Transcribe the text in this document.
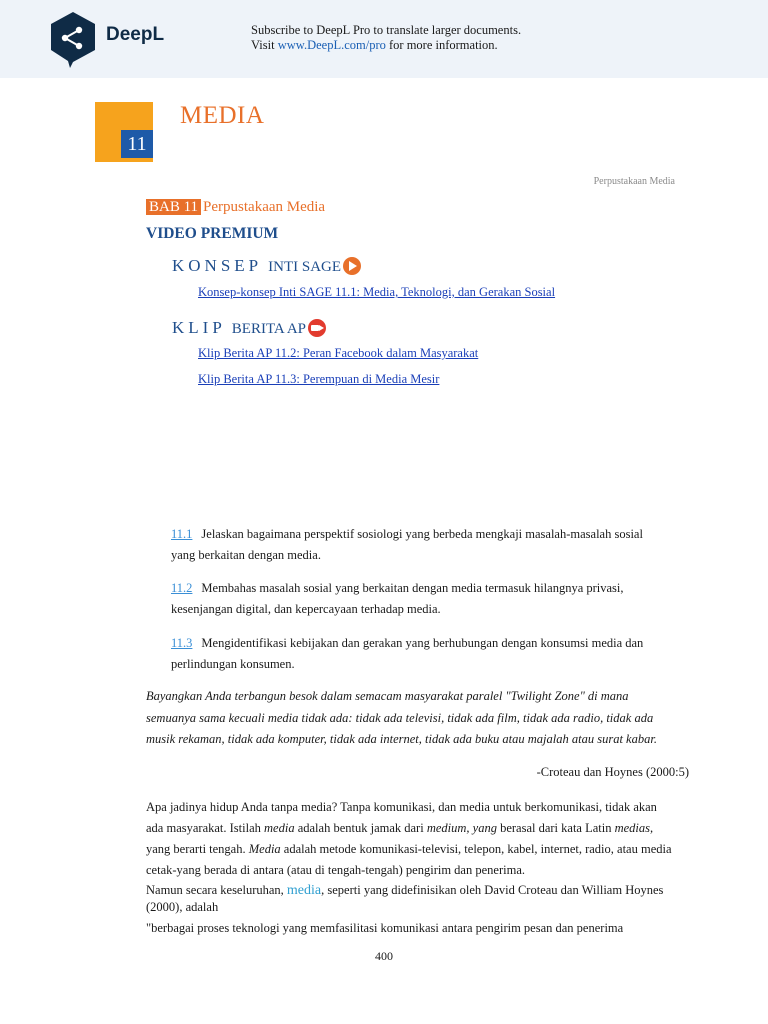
DeepL	Subscribe to DeepL Pro to translate larger documents.
Visit www.DeepL.com/pro for more information.
11
MEDIA
Perpustakaan Media
BAB 11 Perpustakaan Media
VIDEO PREMIUM
KONSEP INTI SAGE
Konsep-konsep Inti SAGE 11.1: Media, Teknologi, dan Gerakan Sosial
KLIP BERITA AP
Klip Berita AP 11.2: Peran Facebook dalam Masyarakat
Klip Berita AP 11.3: Perempuan di Media Mesir
11.1 Jelaskan bagaimana perspektif sosiologi yang berbeda mengkaji masalah-masalah sosial yang berkaitan dengan media.
11.2 Membahas masalah sosial yang berkaitan dengan media termasuk hilangnya privasi, kesenjangan digital, dan kepercayaan terhadap media.
11.3 Mengidentifikasi kebijakan dan gerakan yang berhubungan dengan konsumsi media dan perlindungan konsumen.
Bayangkan Anda terbangun besok dalam semacam masyarakat paralel "Twilight Zone" di mana semuanya sama kecuali media tidak ada: tidak ada televisi, tidak ada film, tidak ada radio, tidak ada musik rekaman, tidak ada komputer, tidak ada internet, tidak ada buku atau majalah atau surat kabar.
-Croteau dan Hoynes (2000:5)
Apa jadinya hidup Anda tanpa media? Tanpa komunikasi, dan media untuk berkomunikasi, tidak akan ada masyarakat. Istilah media adalah bentuk jamak dari medium, yang berasal dari kata Latin medias, yang berarti tengah. Media adalah metode komunikasi-televisi, telepon, kabel, internet, radio, atau media cetak-yang berada di antara (atau di tengah-tengah) pengirim dan penerima.
Namun secara keseluruhan, media, seperti yang didefinisikan oleh David Croteau dan William Hoynes (2000), adalah
"berbagai proses teknologi yang memfasilitasi komunikasi antara pengirim pesan dan penerima
400
